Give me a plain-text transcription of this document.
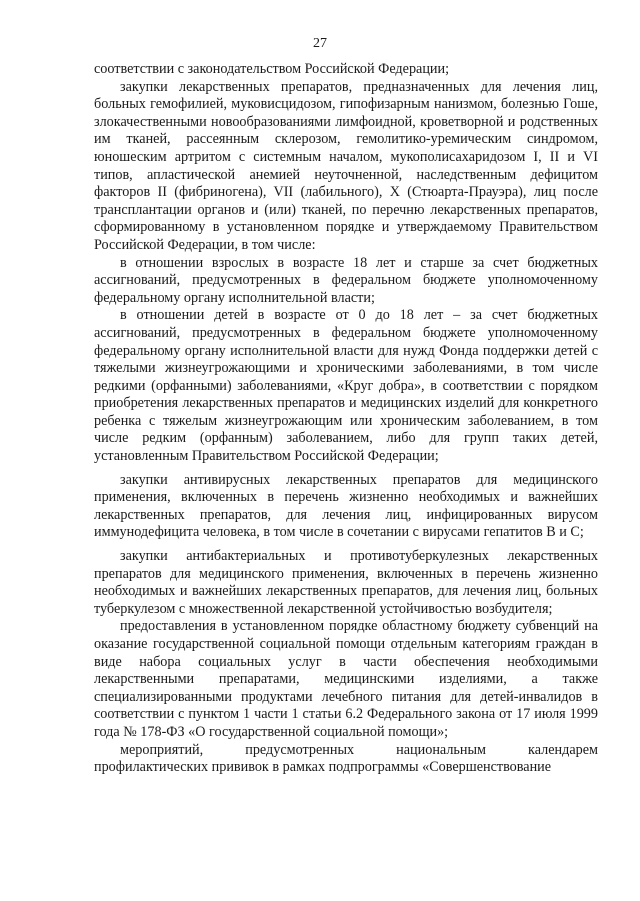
27

соответствии с законодательством Российской Федерации;

закупки лекарственных препаратов, предназначенных для лечения лиц, больных гемофилией, муковисцидозом, гипофизарным нанизмом, болезнью Гоше, злокачественными новообразованиями лимфоидной, кроветворной и родственных им тканей, рассеянным склерозом, гемолитико-уремическим синдромом, юношеским артритом с системным началом, мукополисахаридозом I, II и VI типов, апластической анемией неуточненной, наследственным дефицитом факторов II (фибриногена), VII (лабильного), X (Стюарта-Прауэра), лиц после трансплантации органов и (или) тканей, по перечню лекарственных препаратов, сформированному в установленном порядке и утверждаемому Правительством Российской Федерации, в том числе:

в отношении взрослых в возрасте 18 лет и старше за счет бюджетных ассигнований, предусмотренных в федеральном бюджете уполномоченному федеральному органу исполнительной власти;

в отношении детей в возрасте от 0 до 18 лет – за счет бюджетных ассигнований, предусмотренных в федеральном бюджете уполномоченному федеральному органу исполнительной власти для нужд Фонда поддержки детей с тяжелыми жизнеугрожающими и хроническими заболеваниями, в том числе редкими (орфанными) заболеваниями, «Круг добра», в соответствии с порядком приобретения лекарственных препаратов и медицинских изделий для конкретного ребенка с тяжелым жизнеугрожающим или хроническим заболеванием, в том числе редким (орфанным) заболеванием, либо для групп таких детей, установленным Правительством Российской Федерации;

закупки антивирусных лекарственных препаратов для медицинского применения, включенных в перечень жизненно необходимых и важнейших лекарственных препаратов, для лечения лиц, инфицированных вирусом иммунодефицита человека, в том числе в сочетании с вирусами гепатитов B и C;

закупки антибактериальных и противотуберкулезных лекарственных препаратов для медицинского применения, включенных в перечень жизненно необходимых и важнейших лекарственных препаратов, для лечения лиц, больных туберкулезом с множественной лекарственной устойчивостью возбудителя;

предоставления в установленном порядке областному бюджету субвенций на оказание государственной социальной помощи отдельным категориям граждан в виде набора социальных услуг в части обеспечения необходимыми лекарственными препаратами, медицинскими изделиями, а также специализированными продуктами лечебного питания для детей-инвалидов в соответствии с пунктом 1 части 1 статьи 6.2 Федерального закона от 17 июля 1999 года № 178-ФЗ «О государственной социальной помощи»;

мероприятий, предусмотренных национальным календарем профилактических прививок в рамках подпрограммы «Совершенствование
